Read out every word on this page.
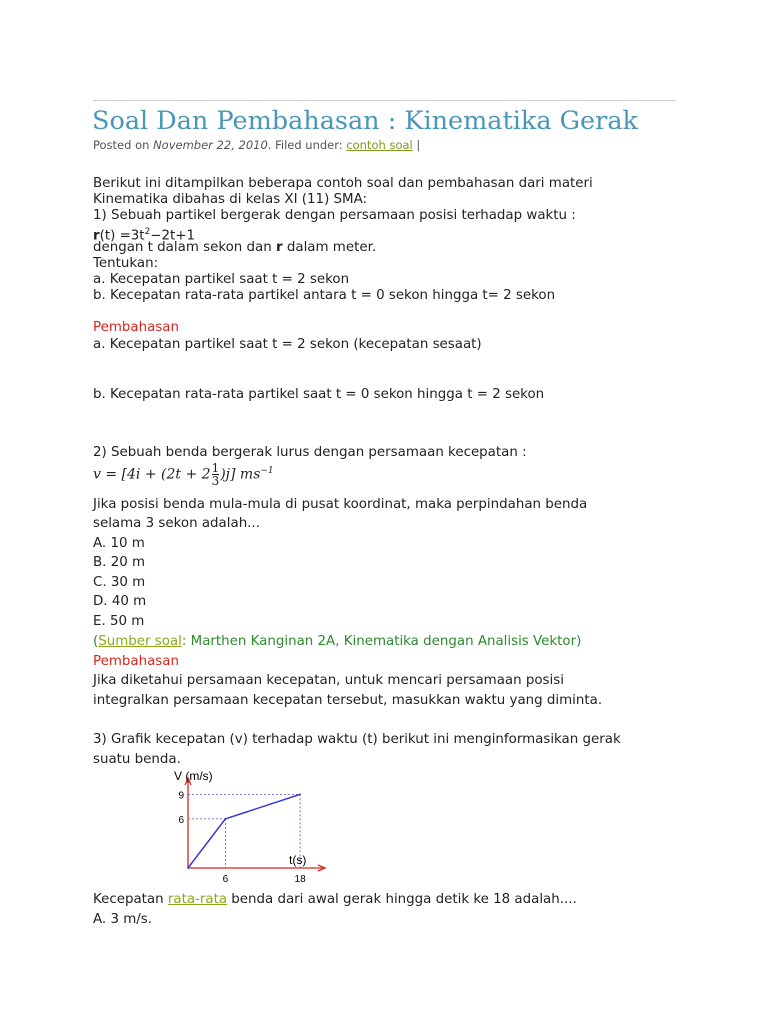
Soal Dan Pembahasan : Kinematika Gerak
Posted on November 22, 2010. Filed under: contoh soal |
Berikut ini ditampilkan beberapa contoh soal dan pembahasan dari materi
Kinematika dibahas di kelas XI (11) SMA:
1) Sebuah partikel bergerak dengan persamaan posisi terhadap waktu :
$r(t) =3t^2-2t+1$
dengan t dalam sekon dan r dalam meter.
Tentukan:
a. Kecepatan partikel saat t = 2 sekon
b. Kecepatan rata-rata partikel antara t = 0 sekon hingga t= 2 sekon
Pembahasan
a. Kecepatan partikel saat t = 2 sekon (kecepatan sesaat)
b. Kecepatan rata-rata partikel saat t = 0 sekon hingga t = 2 sekon
2) Sebuah benda bergerak lurus dengan persamaan kecepatan :
$v = [4i + (2t + 2 \frac{1}{3} )j]$ $ms^{-1}$
Jika posisi benda mula-mula di pusat koordinat, maka perpindahan benda
selama 3 sekon adalah...
A. 10 m
B. 20 m
C. 30 m
D. 40 m
E. 50 m
(Sumber soal: Marthen Kanginan 2A, Kinematika dengan Analisis Vektor)
Pembahasan
Jika diketahui persamaan kecepatan, untuk mencari persamaan posisi
integralkan persamaan kecepatan tersebut, masukkan waktu yang diminta.
3) Grafik kecepatan (v) terhadap waktu (t) berikut ini menginformasikan gerak
suatu benda.
V (m/s)
t(s)
9
6
6	18
Kecepatan rata-rata benda dari awal gerak hingga detik ke 18 adalah....
A. 3 m/s.
